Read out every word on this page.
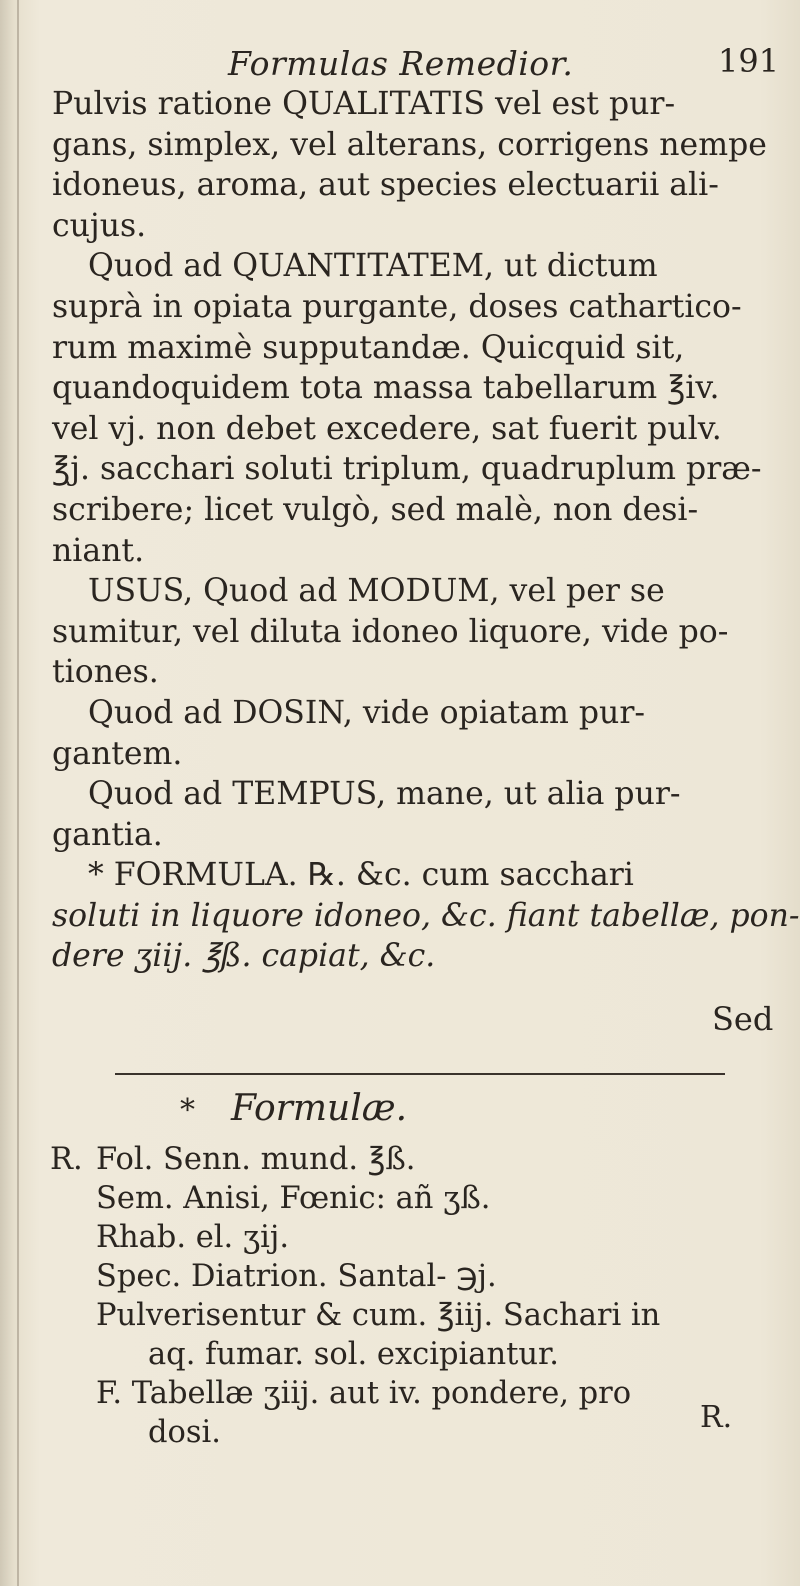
Formulas Remedior.	191
Pulvis ratione QUALITATIS vel est pur-
gans, simplex, vel alterans, corrigens nempe
idoneus, aroma, aut species electuarii ali-
cujus.
Quod ad QUANTITATEM, ut dictum
suprà in opiata purgante, doses cathartico-
rum maximè supputandæ. Quicquid sit,
quandoquidem tota massa tabellarum ℥iv.
vel vj. non debet excedere, sat fuerit pulv.
℥j. sacchari soluti triplum, quadruplum præ-
scribere; licet vulgò, sed malè, non desi-
niant.
USUS, Quod ad MODUM, vel per se
sumitur, vel diluta idoneo liquore, vide po-
tiones.
Quod ad DOSIN, vide opiatam pur-
gantem.
Quod ad TEMPUS, mane, ut alia pur-
gantia.
* FORMULA. ℞. &c. cum sacchari
soluti in liquore idoneo, &c. fiant tabellæ, pon-
dere ʒiij. ℥ß. capiat, &c.
Sed
* Formulæ.
R. Fol. Senn. mund. ℥ß.
Sem. Anisi, Fœnic: añ ʒß.
Rhab. el. ʒij.
Spec. Diatrion. Santal- ℈j.
Pulverisentur & cum. ℥iij. Sachari in
aq. fumar. sol. excipiantur.
F. Tabellæ ʒiij. aut iv. pondere, pro
dosi.	R.
